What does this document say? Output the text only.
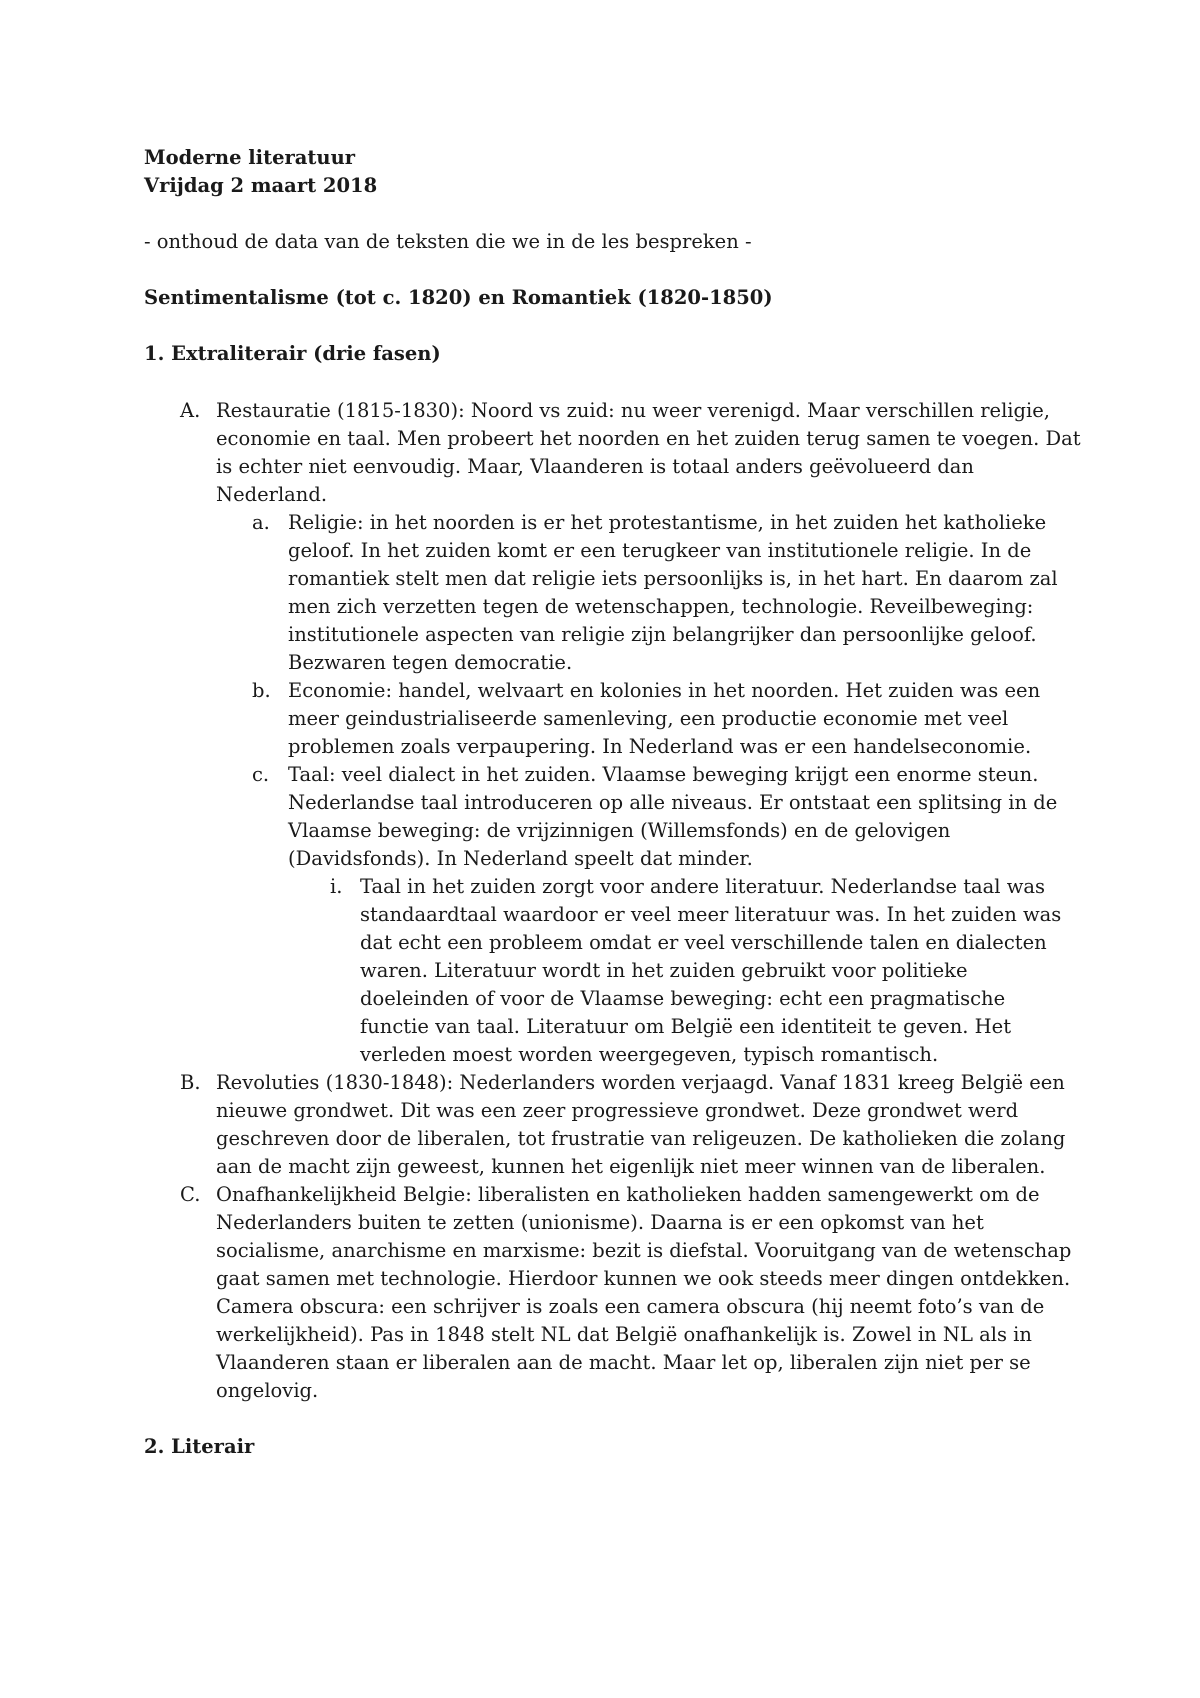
Moderne literatuur
Vrijdag 2 maart 2018
- onthoud de data van de teksten die we in de les bespreken -
Sentimentalisme (tot c. 1820) en Romantiek (1820-1850)
1. Extraliterair (drie fasen)
A. Restauratie (1815-1830): Noord vs zuid: nu weer verenigd. Maar verschillen religie,
economie en taal. Men probeert het noorden en het zuiden terug samen te voegen. Dat
is echter niet eenvoudig. Maar, Vlaanderen is totaal anders geëvolueerd dan
Nederland.
a. Religie: in het noorden is er het protestantisme, in het zuiden het katholieke
geloof. In het zuiden komt er een terugkeer van institutionele religie. In de
romantiek stelt men dat religie iets persoonlijks is, in het hart. En daarom zal
men zich verzetten tegen de wetenschappen, technologie. Reveilbeweging:
institutionele aspecten van religie zijn belangrijker dan persoonlijke geloof.
Bezwaren tegen democratie.
b. Economie: handel, welvaart en kolonies in het noorden. Het zuiden was een
meer geindustrialiseerde samenleving, een productie economie met veel
problemen zoals verpaupering. In Nederland was er een handelseconomie.
c. Taal: veel dialect in het zuiden. Vlaamse beweging krijgt een enorme steun.
Nederlandse taal introduceren op alle niveaus. Er ontstaat een splitsing in de
Vlaamse beweging: de vrijzinnigen (Willemsfonds) en de gelovigen
(Davidsfonds). In Nederland speelt dat minder.
i. Taal in het zuiden zorgt voor andere literatuur. Nederlandse taal was
standaardtaal waardoor er veel meer literatuur was. In het zuiden was
dat echt een probleem omdat er veel verschillende talen en dialecten
waren. Literatuur wordt in het zuiden gebruikt voor politieke
doeleinden of voor de Vlaamse beweging: echt een pragmatische
functie van taal. Literatuur om België een identiteit te geven. Het
verleden moest worden weergegeven, typisch romantisch.
B. Revoluties (1830-1848): Nederlanders worden verjaagd. Vanaf 1831 kreeg België een
nieuwe grondwet. Dit was een zeer progressieve grondwet. Deze grondwet werd
geschreven door de liberalen, tot frustratie van religeuzen. De katholieken die zolang
aan de macht zijn geweest, kunnen het eigenlijk niet meer winnen van de liberalen.
C. Onafhankelijkheid Belgie: liberalisten en katholieken hadden samengewerkt om de
Nederlanders buiten te zetten (unionisme). Daarna is er een opkomst van het
socialisme, anarchisme en marxisme: bezit is diefstal. Vooruitgang van de wetenschap
gaat samen met technologie. Hierdoor kunnen we ook steeds meer dingen ontdekken.
Camera obscura: een schrijver is zoals een camera obscura (hij neemt foto’s van de
werkelijkheid). Pas in 1848 stelt NL dat België onafhankelijk is. Zowel in NL als in
Vlaanderen staan er liberalen aan de macht. Maar let op, liberalen zijn niet per se
ongelovig.
2. Literair
